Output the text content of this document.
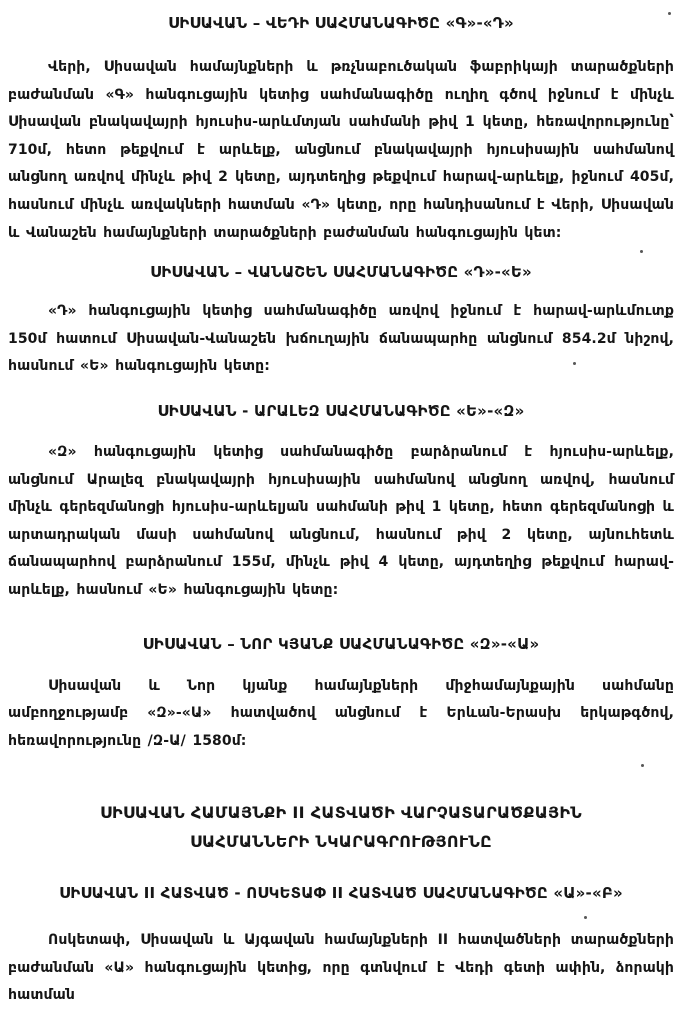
ՍԻՍԱՎԱՆ – ՎԵԴԻ ՍԱՀՄԱՆԱԳԻԾԸ «Գ»-«Դ»

Վերի, Սիսավան համայնքների և թռչնաբուծական ֆաբրիկայի տարածքների բաժանման «Գ» հանգուցային կետից սահմանագիծը ուղիղ գծով իջնում է մինչև Սիսավան բնակավայրի հյուսիս-արևմտյան սահմանի թիվ 1 կետը, հեռավորությունը՝ 710մ, հետո թեքվում է արևելք, անցնում բնակավայրի հյուսիսային սահմանով անցնող առվով մինչև թիվ 2 կետը, այդտեղից թեքվում հարավ-արևելք, իջնում 405մ, հասնում մինչև առվակների հատման «Դ» կետը, որը հանդիսանում է Վերի, Սիսավան և Վանաշեն համայնքների տարածքների բաժանման հանգուցային կետ:

ՍԻՍԱՎԱՆ – ՎԱՆԱՇԵՆ ՍԱՀՄԱՆԱԳԻԾԸ «Դ»-«Ե»

«Դ» հանգուցային կետից սահմանագիծը առվով իջնում է հարավ-արևմուտք 150մ հատում Սիսավան-Վանաշեն խճուղային ճանապարհը անցնում 854.2մ նիշով, հասնում «Ե» հանգուցային կետը:

ՍԻՍԱՎԱՆ - ԱՐԱԼԵԶ ՍԱՀՄԱՆԱԳԻԾԸ «Ե»-«Զ»

«Զ» հանգուցային կետից սահմանագիծը բարձրանում է հյուսիս-արևելք, անցնում Արալեզ բնակավայրի հյուսիսային սահմանով անցնող առվով, հասնում մինչև գերեզմանոցի հյուսիս-արևելյան սահմանի թիվ 1 կետը, հետո գերեզմանոցի և արտադրական մասի սահմանով անցնում, հասնում թիվ 2 կետը, այնուհետև ճանապարհով բարձրանում 155մ, մինչև թիվ 4 կետը, այդտեղից թեքվում հարավ-արևելք, հասնում «Ե» հանգուցային կետը:

ՍԻՍԱՎԱՆ – ՆՈՐ ԿՅԱՆՔ ՍԱՀՄԱՆԱԳԻԾԸ «Զ»-«Ա»

Սիսավան և Նոր կյանք համայնքների միջհամայնքային սահմանը ամբողջությամբ «Զ»-«Ա» հատվածով անցնում է Երևան-Երասխ երկաթգծով, հեռավորությունը /Զ-Ա/ 1580մ:

ՍԻՍԱՎԱՆ ՀԱՄԱՅՆՔԻ II ՀԱՏՎԱԾԻ ՎԱՐՉԱՏԱՐԱԾՔԱՅԻՆ
ՍԱՀՄԱՆՆԵՐԻ ՆԿԱՐԱԳՐՈՒԹՅՈՒՆԸ
ՍԻՍԱՎԱՆ II ՀԱՏՎԱԾ - ՈՍԿԵՏԱՓ II ՀԱՏՎԱԾ ՍԱՀՄԱՆԱԳԻԾԸ «Ա»-«Բ»

Ոսկետափ, Սիսավան և Այգավան համայնքների II հատվածների տարածքների բաժանման «Ա» հանգուցային կետից, որը գտնվում է Վեդի գետի ափին, ձորակի հատման
